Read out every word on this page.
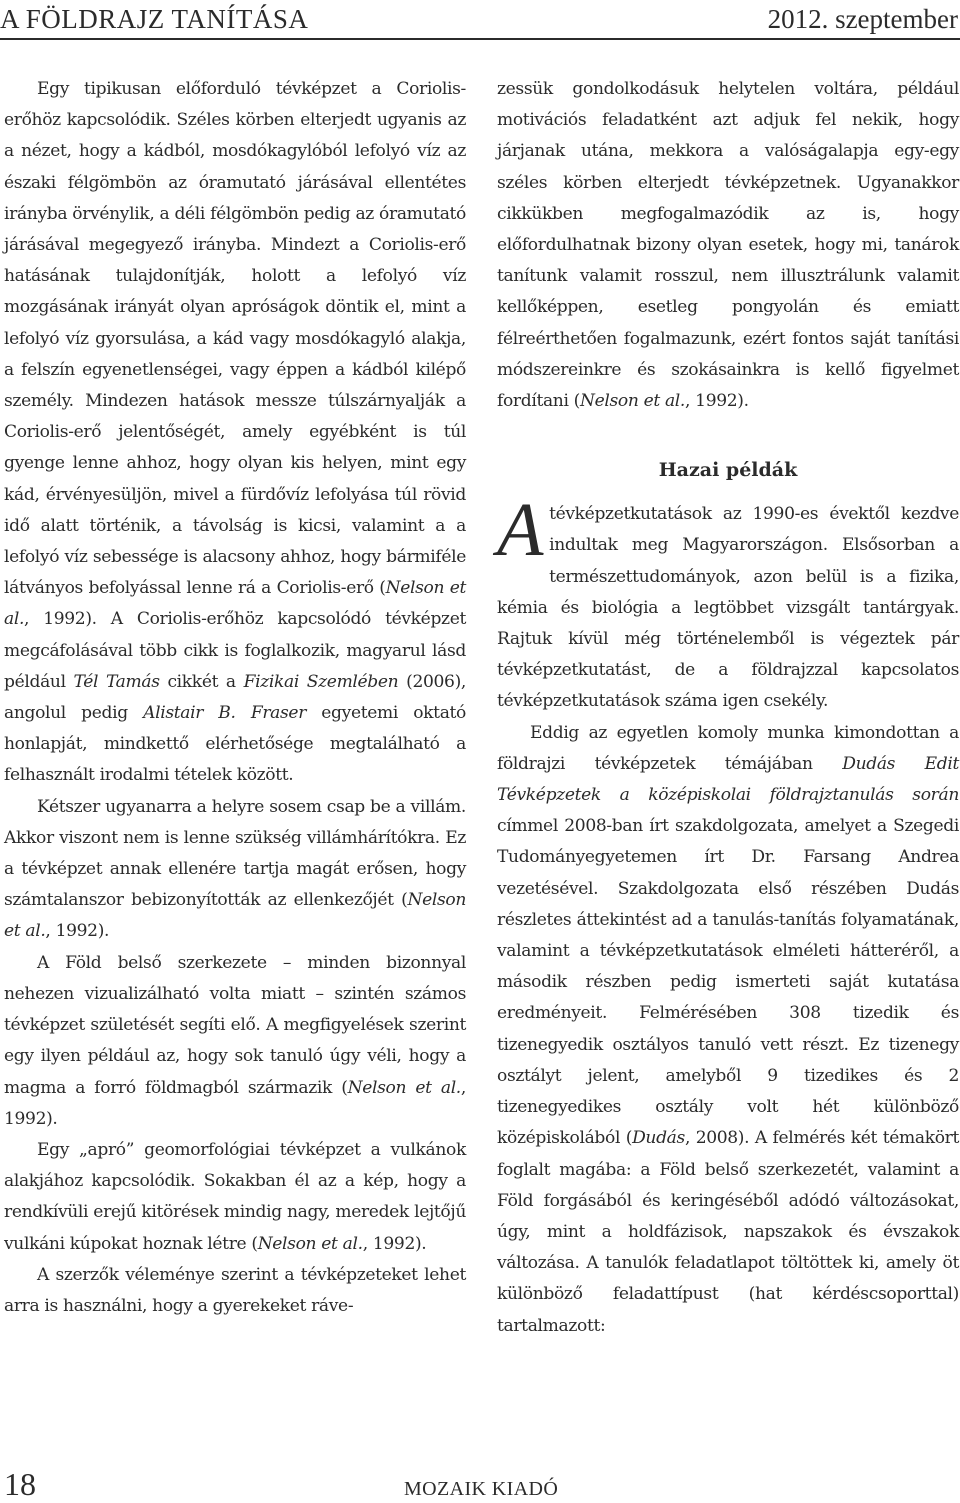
A FÖLDRAJZ TANÍTÁSA	2012. szeptember

Egy tipikusan előforduló tévképzet a Coriolis-erőhöz kapcsolódik. Széles körben elterjedt ugyanis az a nézet, hogy a kádból, mosdókagylóból lefolyó víz az északi félgömbön az óramutató járásával ellentétes irányba örvénylik, a déli félgömbön pedig az óramutató járásával megegyező irányba. Mindezt a Coriolis-erő hatásának tulajdonítják, holott a lefolyó víz mozgásának irányát olyan apróságok döntik el, mint a lefolyó víz gyorsulása, a kád vagy mosdókagyló alakja, a felszín egyenetlenségei, vagy éppen a kádból kilépő személy. Mindezen hatások messze túlszárnyalják a Coriolis-erő jelentőségét, amely egyébként is túl gyenge lenne ahhoz, hogy olyan kis helyen, mint egy kád, érvényesüljön, mivel a fürdővíz lefolyása túl rövid idő alatt történik, a távolság is kicsi, valamint a a lefolyó víz sebessége is alacsony ahhoz, hogy bármiféle látványos befolyással lenne rá a Coriolis-erő (Nelson et al., 1992). A Coriolis-erőhöz kapcsolódó tévképzet megcáfolásával több cikk is foglalkozik, magyarul lásd például Tél Tamás cikkét a Fizikai Szemlében (2006), angolul pedig Alistair B. Fraser egyetemi oktató honlapját, mindkettő elérhetősége megtalálható a felhasznált irodalmi tételek között.

Kétszer ugyanarra a helyre sosem csap be a villám. Akkor viszont nem is lenne szükség villámhárítókra. Ez a tévképzet annak ellenére tartja magát erősen, hogy számtalanszor bebizonyították az ellenkezőjét (Nelson et al., 1992).

A Föld belső szerkezete – minden bizonnyal nehezen vizualizálható volta miatt – szintén számos tévképzet születését segíti elő. A megfigyelések szerint egy ilyen például az, hogy sok tanuló úgy véli, hogy a magma a forró földmagból származik (Nelson et al., 1992).

Egy „apró” geomorfológiai tévképzet a vulkánok alakjához kapcsolódik. Sokakban él az a kép, hogy a rendkívüli erejű kitörések mindig nagy, meredek lejtőjű vulkáni kúpokat hoznak létre (Nelson et al., 1992).

A szerzők véleménye szerint a tévképzeteket lehet arra is használni, hogy a gyerekeket ráve-

zessük gondolkodásuk helytelen voltára, például motivációs feladatként azt adjuk fel nekik, hogy járjanak utána, mekkora a valóságalapja egy-egy széles körben elterjedt tévképzetnek. Ugyanakkor cikkükben megfogalmazódik az is, hogy előfordulhatnak bizony olyan esetek, hogy mi, tanárok tanítunk valamit rosszul, nem illusztrálunk valamit kellőképpen, esetleg pongyolán és emiatt félreérthetően fogalmazunk, ezért fontos saját tanítási módszereinkre és szokásainkra is kellő figyelmet fordítani (Nelson et al., 1992).

Hazai példák

Atévképzetkutatások az 1990-es évektől kezdve indultak meg Magyarországon. Elsősorban a természettudományok, azon belül is a fizika, kémia és biológia a legtöbbet vizsgált tantárgyak. Rajtuk kívül még történelemből is végeztek pár tévképzetkutatást, de a földrajzzal kapcsolatos tévképzetkutatások száma igen csekély.

Eddig az egyetlen komoly munka kimondottan a földrajzi tévképzetek témájában Dudás Edit Tévképzetek a középiskolai földrajztanulás során címmel 2008-ban írt szakdolgozata, amelyet a Szegedi Tudományegyetemen írt Dr. Farsang Andrea vezetésével. Szakdolgozata első részében Dudás részletes áttekintést ad a tanulás-tanítás folyamatának, valamint a tévképzetkutatások elméleti hátteréről, a második részben pedig ismerteti saját kutatása eredményeit. Felmérésében 308 tizedik és tizenegyedik osztályos tanuló vett részt. Ez tizenegy osztályt jelent, amelyből 9 tizedikes és 2 tizenegyedikes osztály volt hét különböző középiskolából (Dudás, 2008). A felmérés két témakört foglalt magába: a Föld belső szerkezetét, valamint a Föld forgásából és keringéséből adódó változásokat, úgy, mint a holdfázisok, napszakok és évszakok változása. A tanulók feladatlapot töltöttek ki, amely öt különböző feladattípust (hat kérdéscsoporttal) tartalmazott:

18	MOZAIK KIADÓ
